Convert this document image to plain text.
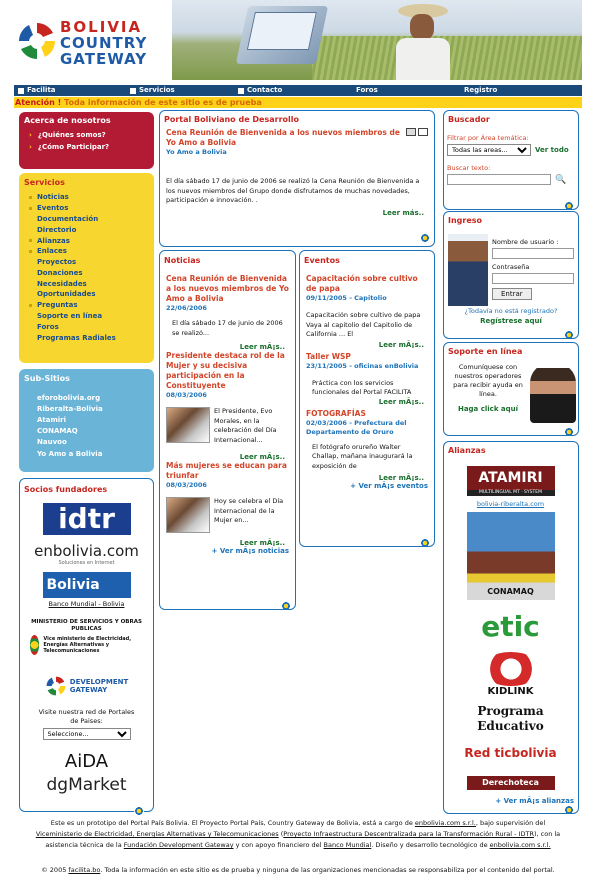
BOLIVIA
COUNTRY
GATEWAY
Facilita	Servicios	Contacto	Foros	Registro
Atención ! Toda información de este sitio es de prueba
Acerca de nosotros
› ¿Quiénes somos?
› ¿Cómo Participar?
Servicios
Noticias
Eventos
Documentación
Directorio
Alianzas
Enlaces
Proyectos
Donaciones
Necesidades
Oportunidades
Preguntas
Soporte en línea
Foros
Programas Radiales
Sub-Sitios
eforobolivia.org
Riberalta-Bolivia
Atamiri
CONAMAQ
Nauvoo
Yo Amo a Bolivia
Socios fundadores
idtr
enbolivia.com
Soluciones en Internet
Bolivia
Banco Mundial - Bolivia
MINISTERIO DE SERVICIOS Y OBRAS PUBLICAS
Vice ministerio de Electricidad, Energías Alternativas y Telecomunicaciones
DEVELOPMENT
GATEWAY
Visite nuestra red de Portales de Paises:
Seleccione...
AiDA
dgMarket
Portal Boliviano de Desarrollo
Cena Reunión de Bienvenida a los nuevos miembros de Yo Amo a Bolivia
Yo Amo a Bolivia
El día sábado 17 de junio de 2006 se realizó la Cena Reunión de Bienvenida a los nuevos miembros del Grupo donde disfrutamos de muchas novedades, participación e innovación. .
Leer más..
Noticias
Cena Reunión de Bienvenida a los nuevos miembros de Yo Amo a Bolivia
22/06/2006
El día sábado 17 de junio de 2006 se realizó...
Leer mÃ¡s..
Presidente destaca rol de la Mujer y su decisiva participación en la Constituyente
08/03/2006
El Presidente, Evo Morales, en la celebración del Día Internacional...
Leer mÃ¡s..
Más mujeres se educan para triunfar
08/03/2006
Hoy se celebra el Día Internacional de la Mujer en...
Leer mÃ¡s..
+ Ver mÃ¡s noticias
Eventos
Capacitación sobre cultivo de papa
09/11/2005 - Capitolio
Capacitación sobre cultivo de papa
Vaya al capitolio del Capitolio de California ... El
Leer mÃ¡s..
Taller WSP
23/11/2005 - oficinas enBolivia
Práctica con los servicios funcionales del Portal FACILITA
Leer mÃ¡s..
FOTOGRAFÍAS
02/03/2006 - Prefectura del Departamento de Oruro
El fotógrafo orureño Walter Challap, mañana inaugurará la exposición de
Leer mÃ¡s..
+ Ver mÃ¡s eventos
Buscador
Filtrar por Área temática:
Todas las areas...
Ver todo
Buscar texto:
🔍
Ingreso
Nombre de usuario :
Contraseña
Entrar
¿Todavía no está registrado?
Regístrese aquí
Soporte en línea
Comuníquese con nuestros operadores para recibir ayuda en línea.
Haga click aquí
Alianzas
ATAMIRI
MULTILINGUAL MT · SYSTEM
bolivia-riberalta.com
CONAMAQ
etic
KIDLINK
Programa Educativo
Red ticbolivia
Derechoteca
+ Ver mÃ¡s alianzas
Este es un prototipo del Portal País Bolivia. El Proyecto Portal País, Country Gateway de Bolivia, está a cargo de enbolivia.com s.r.l., bajo supervisión del
Viceministerio de Electricidad, Energías Alternativas y Telecomunicaciones (Proyecto Infraestructura Descentralizada para la Transformación Rural - IDTR), con la
asistencia técnica de la Fundación Development Gateway y con apoyo financiero del Banco Mundial. Diseño y desarrollo tecnológico de enbolivia.com s.r.l.
© 2005 facilita.bo. Toda la información en este sitio es de prueba y ninguna de las organizaciones mencionadas se responsabiliza por el contenido del portal.
